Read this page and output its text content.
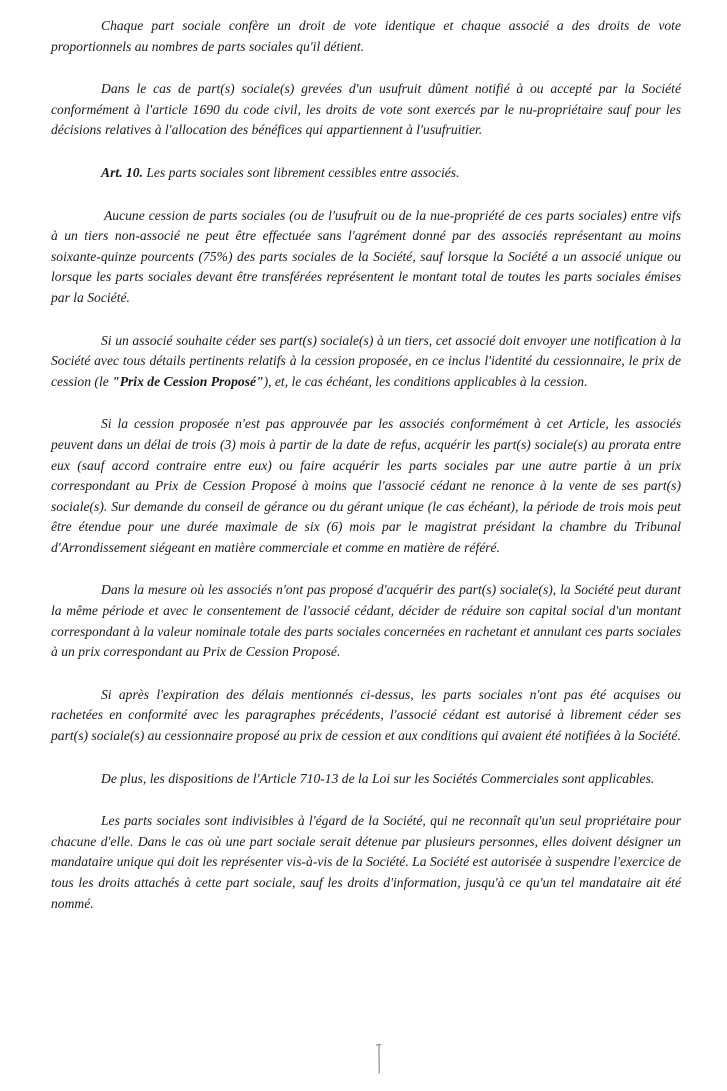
Chaque part sociale confère un droit de vote identique et chaque associé a des droits de vote proportionnels au nombres de parts sociales qu'il détient.

Dans le cas de part(s) sociale(s) grevées d'un usufruit dûment notifié à ou accepté par la Société conformément à l'article 1690 du code civil, les droits de vote sont exercés par le nu-propriétaire sauf pour les décisions relatives à l'allocation des bénéfices qui appartiennent à l'usufruitier.

Art. 10. Les parts sociales sont librement cessibles entre associés.

Aucune cession de parts sociales (ou de l'usufruit ou de la nue-propriété de ces parts sociales) entre vifs à un tiers non-associé ne peut être effectuée sans l'agrément donné par des associés représentant au moins soixante-quinze pourcents (75%) des parts sociales de la Société, sauf lorsque la Société a un associé unique ou lorsque les parts sociales devant être transférées représentent le montant total de toutes les parts sociales émises par la Société.

Si un associé souhaite céder ses part(s) sociale(s) à un tiers, cet associé doit envoyer une notification à la Société avec tous détails pertinents relatifs à la cession proposée, en ce inclus l'identité du cessionnaire, le prix de cession (le "Prix de Cession Proposé"), et, le cas échéant, les conditions applicables à la cession.

Si la cession proposée n'est pas approuvée par les associés conformément à cet Article, les associés peuvent dans un délai de trois (3) mois à partir de la date de refus, acquérir les part(s) sociale(s) au prorata entre eux (sauf accord contraire entre eux) ou faire acquérir les parts sociales par une autre partie à un prix correspondant au Prix de Cession Proposé à moins que l'associé cédant ne renonce à la vente de ses part(s) sociale(s). Sur demande du conseil de gérance ou du gérant unique (le cas échéant), la période de trois mois peut être étendue pour une durée maximale de six (6) mois par le magistrat présidant la chambre du Tribunal d'Arrondissement siégeant en matière commerciale et comme en matière de référé.

Dans la mesure où les associés n'ont pas proposé d'acquérir des part(s) sociale(s), la Société peut durant la même période et avec le consentement de l'associé cédant, décider de réduire son capital social d'un montant correspondant à la valeur nominale totale des parts sociales concernées en rachetant et annulant ces parts sociales à un prix correspondant au Prix de Cession Proposé.

Si après l'expiration des délais mentionnés ci-dessus, les parts sociales n'ont pas été acquises ou rachetées en conformité avec les paragraphes précédents, l'associé cédant est autorisé à librement céder ses part(s) sociale(s) au cessionnaire proposé au prix de cession et aux conditions qui avaient été notifiées à la Société.

De plus, les dispositions de l'Article 710-13 de la Loi sur les Sociétés Commerciales sont applicables.

Les parts sociales sont indivisibles à l'égard de la Société, qui ne reconnaît qu'un seul propriétaire pour chacune d'elle. Dans le cas où une part sociale serait détenue par plusieurs personnes, elles doivent désigner un mandataire unique qui doit les représenter vis-à-vis de la Société. La Société est autorisée à suspendre l'exercice de tous les droits attachés à cette part sociale, sauf les droits d'information, jusqu'à ce qu'un tel mandataire ait été nommé.
